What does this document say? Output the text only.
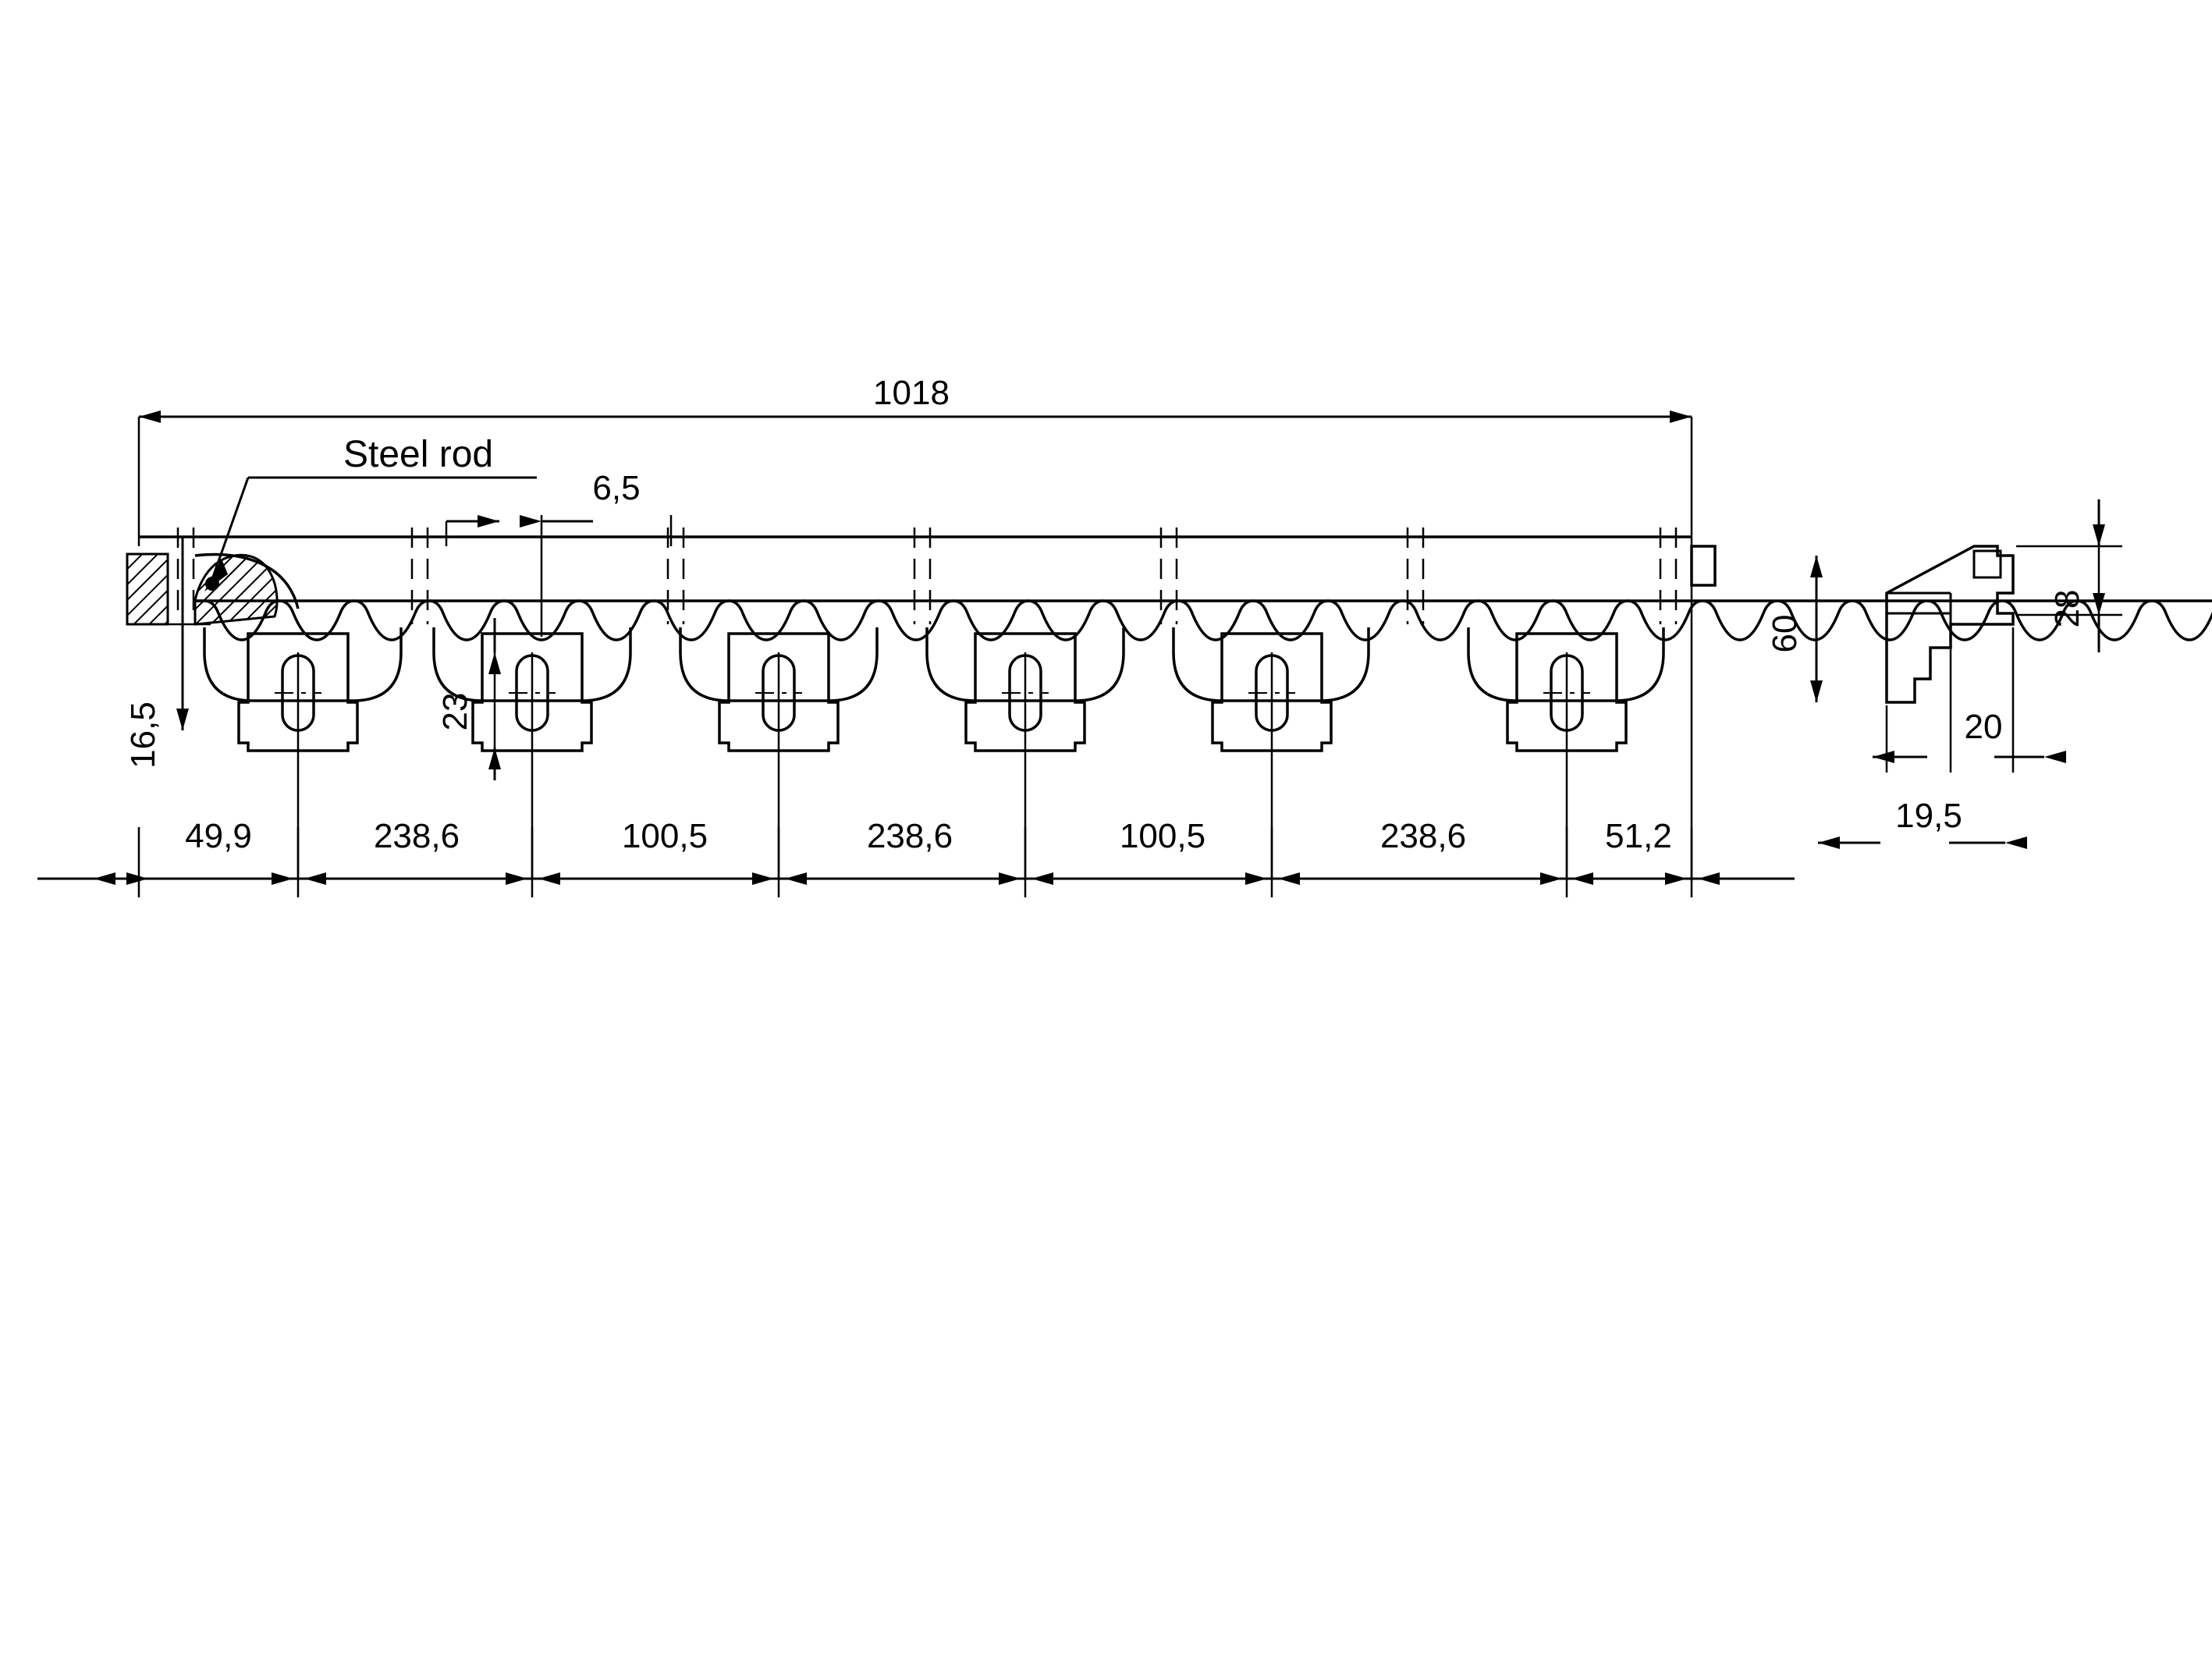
1018
Steel rod
6,5
16,5	23
49,9	238,6	100,5	238,6	100,5	238,6	51,2
60
28
20
19,5
